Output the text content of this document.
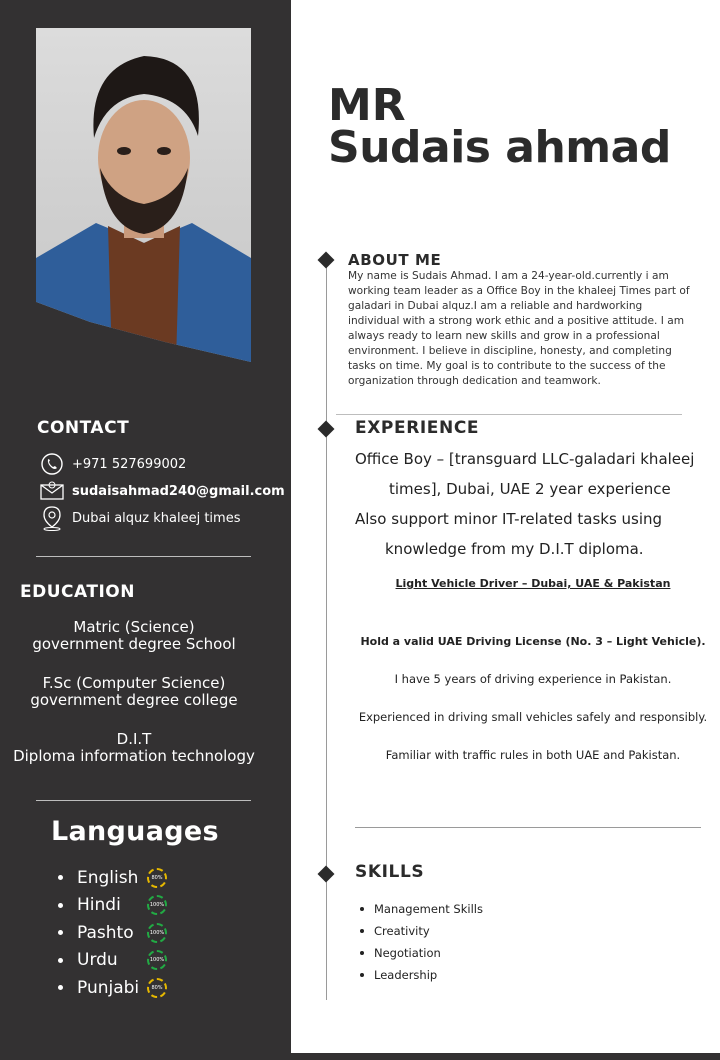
CONTACT
+971 527699002
sudaisahmad240@gmail.com
Dubai alquz khaleej times
EDUCATION
Matric (Science)
government degree School
F.Sc (Computer Science)
government degree college
D.I.T
Diploma information technology
Languages
English	80%
Hindi	100%
Pashto	100%
Urdu	100%
Punjabi	80%
MR
Sudais ahmad
ABOUT ME
My name is Sudais Ahmad. I am a 24-year-old.currently i am working team leader as a Office Boy in the khaleej Times part of galadari in Dubai alquz.I am a reliable and hardworking individual with a strong work ethic and a positive attitude. I am always ready to learn new skills and grow in a professional environment. I believe in discipline, honesty, and completing tasks on time. My goal is to contribute to the success of the organization through dedication and teamwork.
EXPERIENCE
Office Boy – [transguard LLC-galadari khaleej
times], Dubai, UAE 2 year experience
Also support minor IT-related tasks using
knowledge from my D.I.T diploma.
Light Vehicle Driver – Dubai, UAE & Pakistan
Hold a valid UAE Driving License (No. 3 – Light Vehicle).
I have 5 years of driving experience in Pakistan.
Experienced in driving small vehicles safely and responsibly.
Familiar with traffic rules in both UAE and Pakistan.
SKILLS
Management Skills
Creativity
Negotiation
Leadership
